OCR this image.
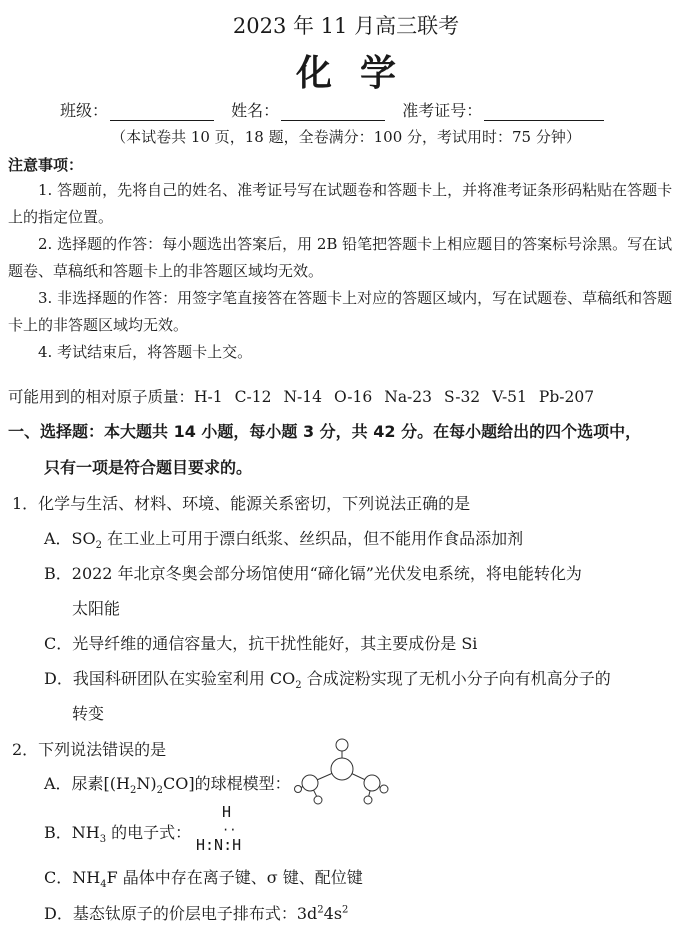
2023 年 11 月高三联考
化学
班级：	姓名：	准考证号：
（本试卷共 10 页，18 题，全卷满分：100 分，考试用时：75 分钟）
注意事项：
1. 答题前，先将自己的姓名、准考证号写在试题卷和答题卡上，并将准考证条形码粘贴在答题卡上的指定位置。
2. 选择题的作答：每小题选出答案后，用 2B 铅笔把答题卡上相应题目的答案标号涂黑。写在试题卷、草稿纸和答题卡上的非答题区域均无效。
3. 非选择题的作答：用签字笔直接答在答题卡上对应的答题区域内，写在试题卷、草稿纸和答题卡上的非答题区域均无效。
4. 考试结束后，将答题卡上交。
可能用到的相对原子质量：H-1 C-12 N-14 O-16 Na-23 S-32 V-51 Pb-207
一、选择题：本大题共 14 小题，每小题 3 分，共 42 分。在每小题给出的四个选项中，
只有一项是符合题目要求的。
1．化学与生活、材料、环境、能源关系密切，下列说法正确的是
A．$SO_2$ 在工业上可用于漂白纸浆、丝织品，但不能用作食品添加剂
B．2022 年北京冬奥会部分场馆使用“碲化镉”光伏发电系统，将电能转化为
太阳能
C．光导纤维的通信容量大，抗干扰性能好，其主要成份是 Si
D．我国科研团队在实验室利用 $CO_2$ 合成淀粉实现了无机小分子向有机高分子的
转变
2．下列说法错误的是
A．尿素$[(H_2N)_2CO]$的球棍模型：
B．$NH_3$ 的电子式：
H
··
H:N:H
C．$NH_4F$ 晶体中存在离子键、σ 键、配位键
D．基态钛原子的价层电子排布式：$3d^24s^2$
